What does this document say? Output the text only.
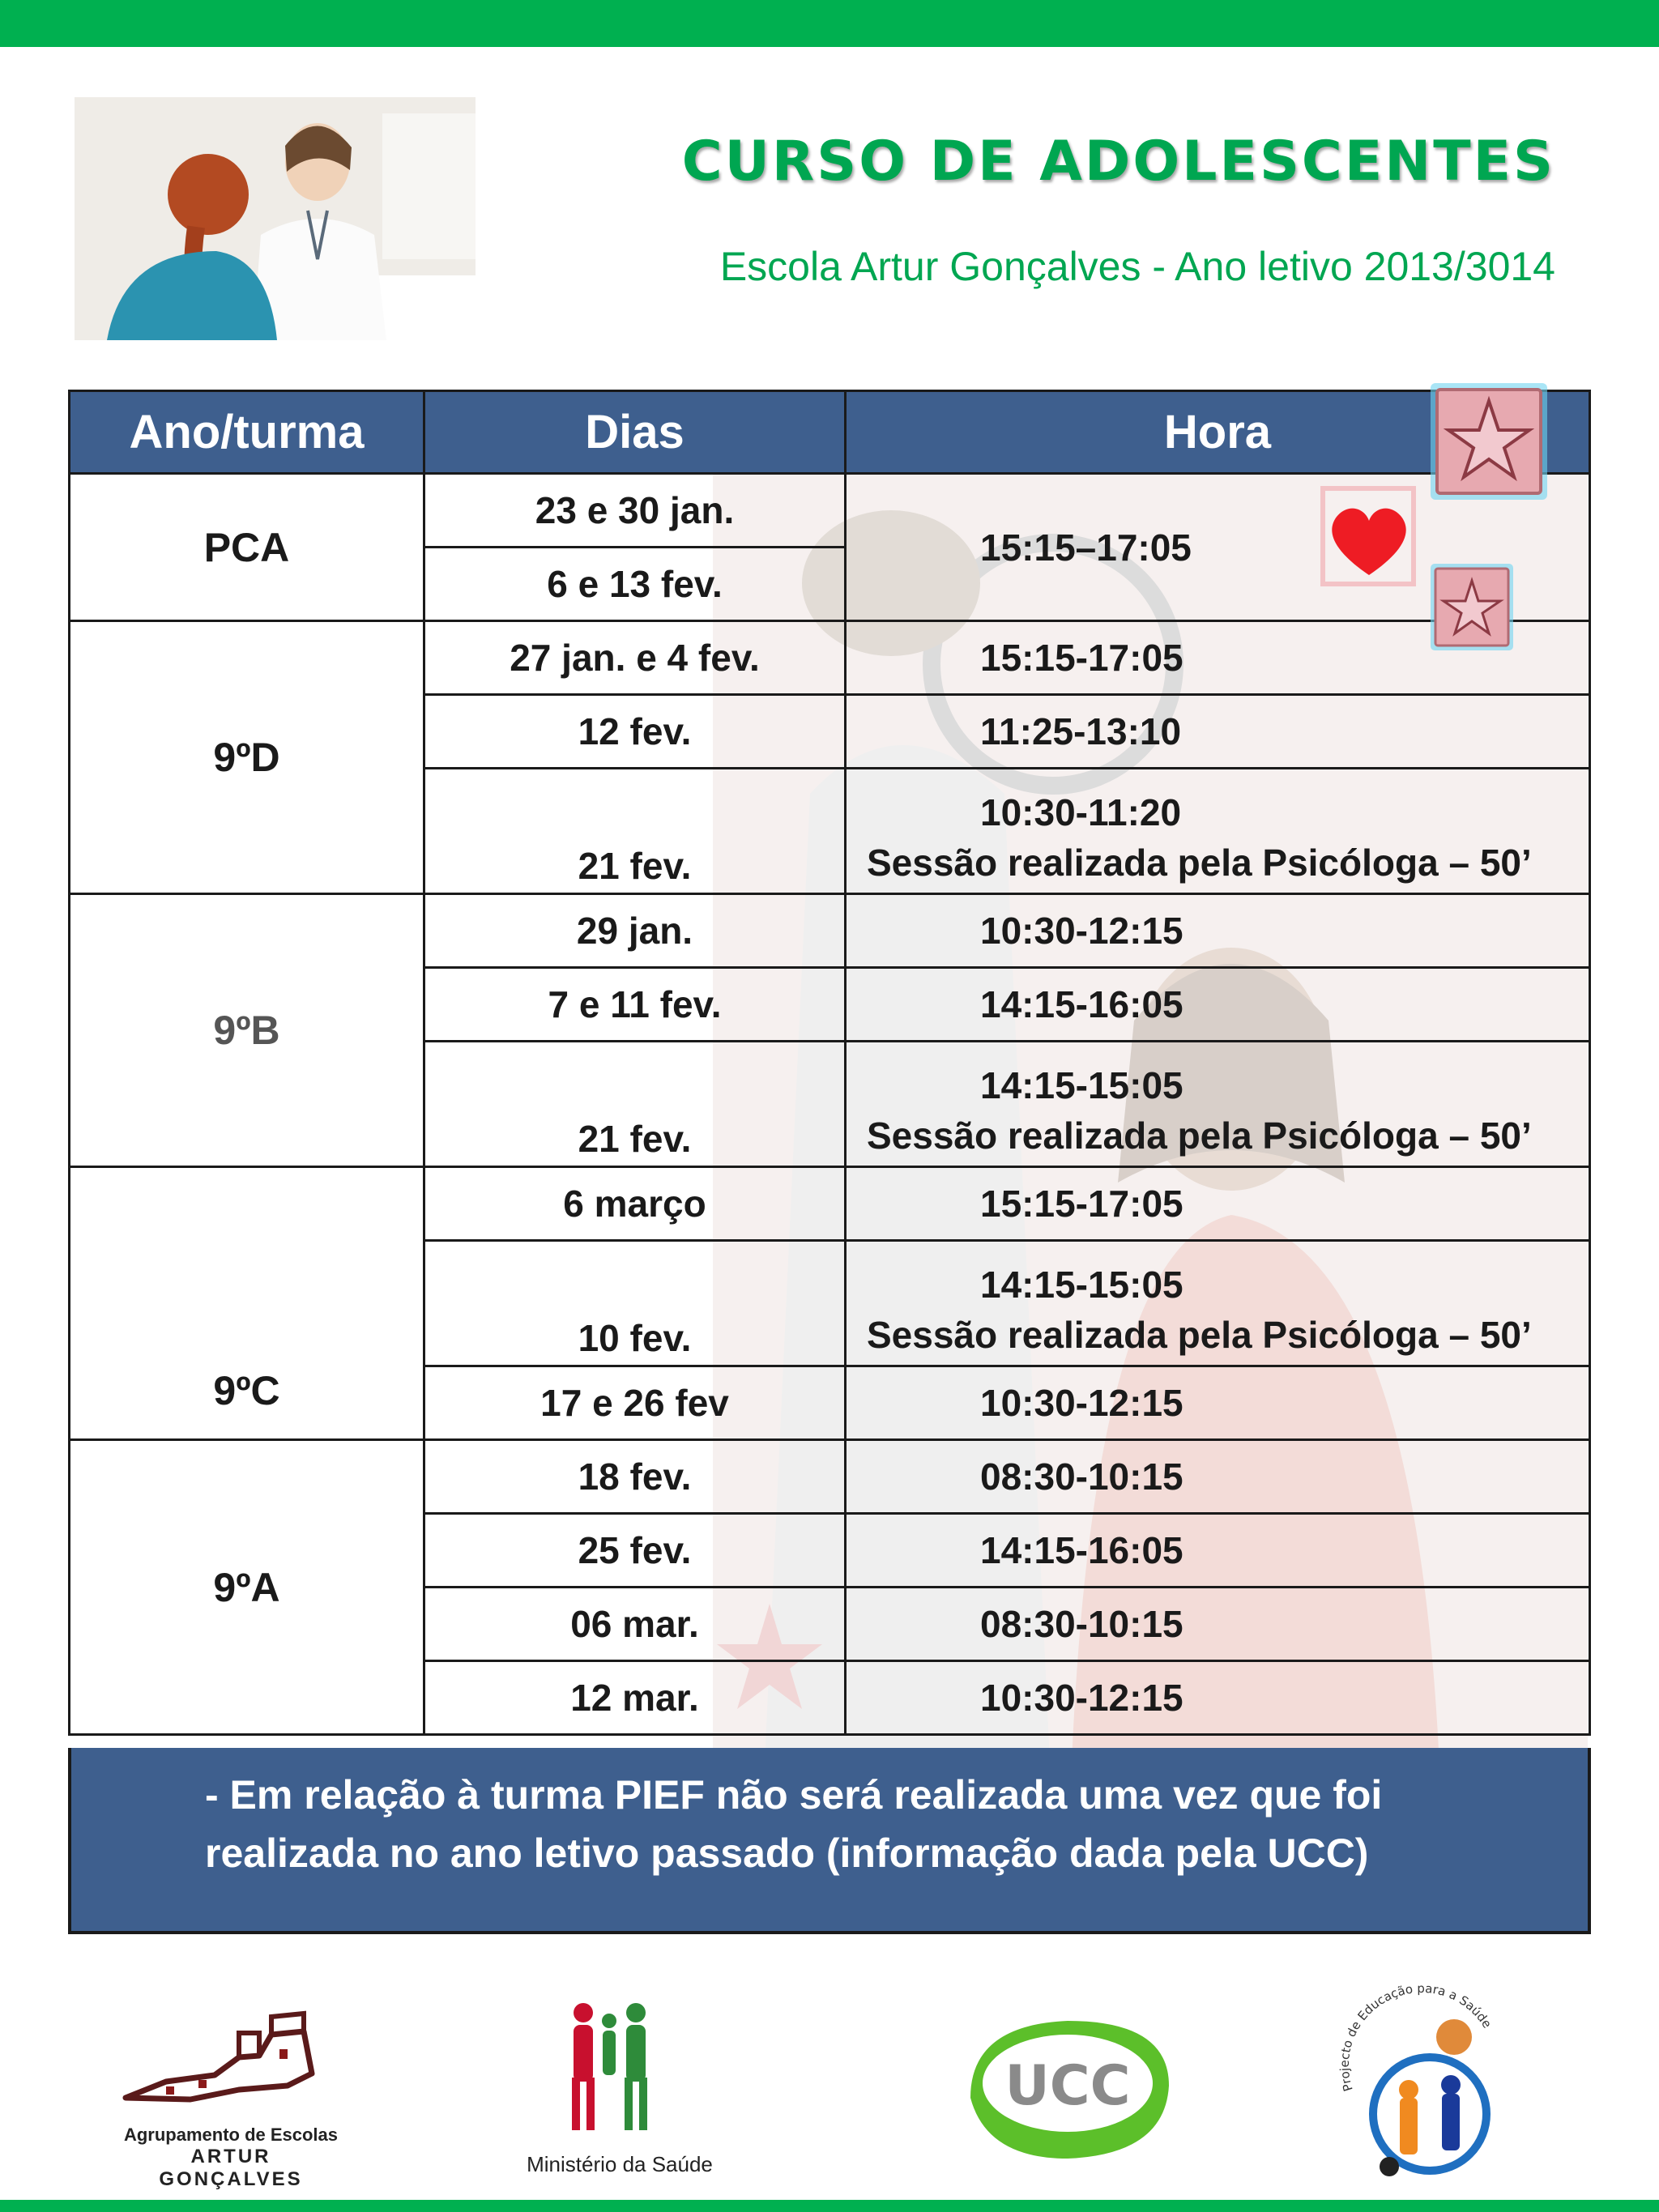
CURSO DE ADOLESCENTES
Escola Artur Gonçalves - Ano letivo 2013/3014
Ano/turma	Dias	Hora
PCA	23 e 30 jan.	15:15–17:05
	6 e 13 fev.	
9ºD	27 jan. e 4 fev.	15:15-17:05
	12 fev.	11:25-13:10
	21 fev.	10:30-11:20
Sessão realizada pela Psicóloga – 50’

9ºB	29 jan.	10:30-12:15
	7 e 11 fev.	14:15-16:05
	21 fev.	14:15-15:05
Sessão realizada pela Psicóloga – 50’

9ºC	6 março	15:15-17:05
	10 fev.	14:15-15:05
Sessão realizada pela Psicóloga – 50’

	17 e 26 fev	10:30-12:15
9ºA	18 fev.	08:30-10:15
	25 fev.	14:15-16:05
	06 mar.	08:30-10:15
	12 mar.	10:30-12:15
- Em relação à turma PIEF não será realizada uma vez que foi
realizada no ano letivo passado (informação dada pela UCC)
Agrupamento de Escolas
ARTUR GONÇALVES
Ministério da Saúde
UCC	Projecto de Educação para a Saúde
